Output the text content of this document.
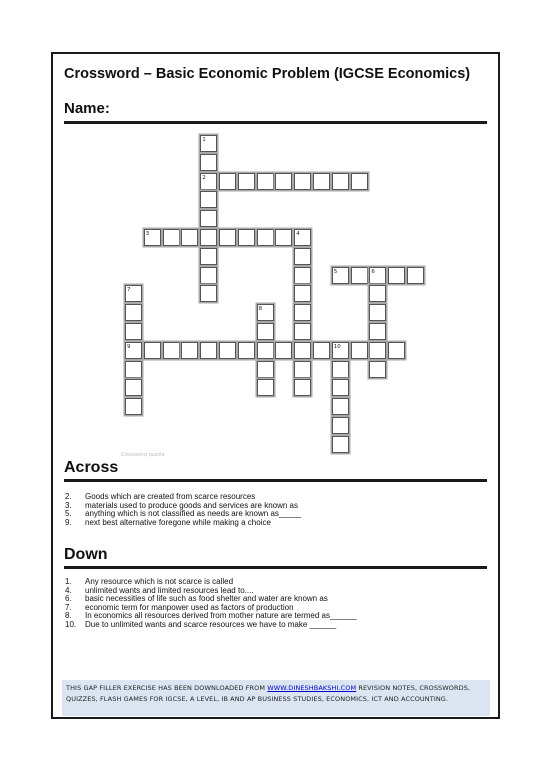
Crossword – Basic Economic Problem (IGCSE Economics)
Name:
1
2
3	4
5	6
7
9
8
10
Crossword puzzle
Across
2. Goods which are created from scarce resources
3. materials used to produce goods and services are known as
5. anything which is not classified as needs are known as_____
9. next best alternative foregone while making a choice
Down
1. Any resource which is not scarce is called
4. unlimited wants and limited resources lead to....
6. basic necessities of life such as food shelter and water are known as
7. economic term for manpower used as factors of production
8. In economics all resources derived from mother nature are termed as______
10. Due to unlimited wants and scarce resources we have to make ______
THIS GAP FILLER EXERCISE HAS BEEN DOWNLOADED FROM WWW.DINESHBAKSHI.COM REVISION NOTES, CROSSWORDS, QUIZZES, FLASH GAMES FOR IGCSE, A LEVEL, IB AND AP BUSINESS STUDIES, ECONOMICS, ICT AND ACCOUNTING.
